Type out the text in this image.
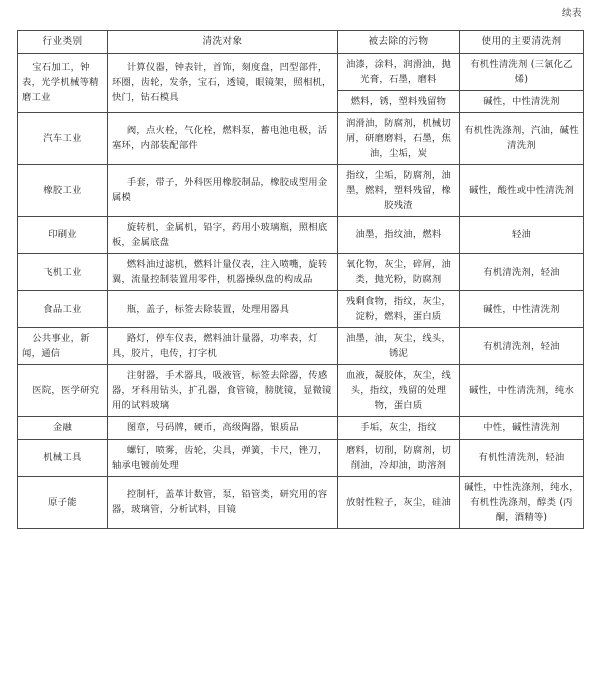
续表
行业类别	清洗对象	被去除的污物	使用的主要清洗剂
宝石加工，钟表，光学机械等精磨工业	计算仪器，钟表针，首饰，刻度盘，凹型部件，环圈，齿轮，发条，宝石，透镜，眼镜架，照相机，快门，钻石模具	油漆，涂料，润滑油，抛光膏，石墨，磨料	有机性清洗剂 (三氯化乙烯)
		燃料，锈，塑料残留物	碱性，中性清洗剂
汽车工业	阀，点火栓，气化栓，燃料泵，蓄电池电极，活塞环，内部装配部件	润滑油，防腐剂，机械切屑，研磨磨料，石墨，焦油，尘垢，炭	有机性洗涤剂，汽油，碱性清洗剂
橡胶工业	手套，带子，外科医用橡胶制品，橡胶成型用金属模	指纹，尘垢，防腐剂，油墨，燃料，塑料残留，橡胶残渣	碱性，酸性或中性清洗剂
印刷业	旋转机，金属机，铅字，药用小玻璃瓶，照相底板，金属底盘	油墨，指纹油，燃料	轻油
飞机工业	燃料油过滤机，燃料计量仪表，注入喷嘴，旋转翼，流量控制装置用零件，机器操纵盘的构成品	氧化物，灰尘，碎屑，油类，抛光粉，防腐剂	有机清洗剂，轻油
食品工业	瓶，盖子，标签去除装置，处理用器具	残剩食物，指纹，灰尘，淀粉，燃料，蛋白质	碱性，中性清洗剂
公共事业，新闻，通信	路灯，停车仪表，燃料油计量器，功率表，灯具，胶片，电传，打字机	油墨，油，灰尘，线头，锈泥	有机清洗剂，轻油
医院，医学研究	注射器，手术器具，吸液管，标签去除器，传感器，牙科用钻头，扩孔器，食管镜，膀胱镜，显微镜用的试料玻璃	血液，凝胶体，灰尘，线头，指纹，残留的处理物，蛋白质	碱性，中性清洗剂，纯水
金融	图章，号码牌，硬币，高级陶器，银质品	手垢，灰尘，指纹	中性，碱性清洗剂
机械工具	螺钉，喷雾，齿轮，尖具，弹簧，卡尺，锉刀，轴承电镀前处理	磨料，切削，防腐剂，切削油，冷却油，助溶剂	有机性清洗剂，轻油
原子能	控制杆，盖革计数管，泵，铅管类，研究用的容器，玻璃管，分析试料，目镜	放射性粒子，灰尘，硅油	碱性，中性洗涤剂，纯水，有机性洗涤剂，醇类 (丙酮，酒精等)
